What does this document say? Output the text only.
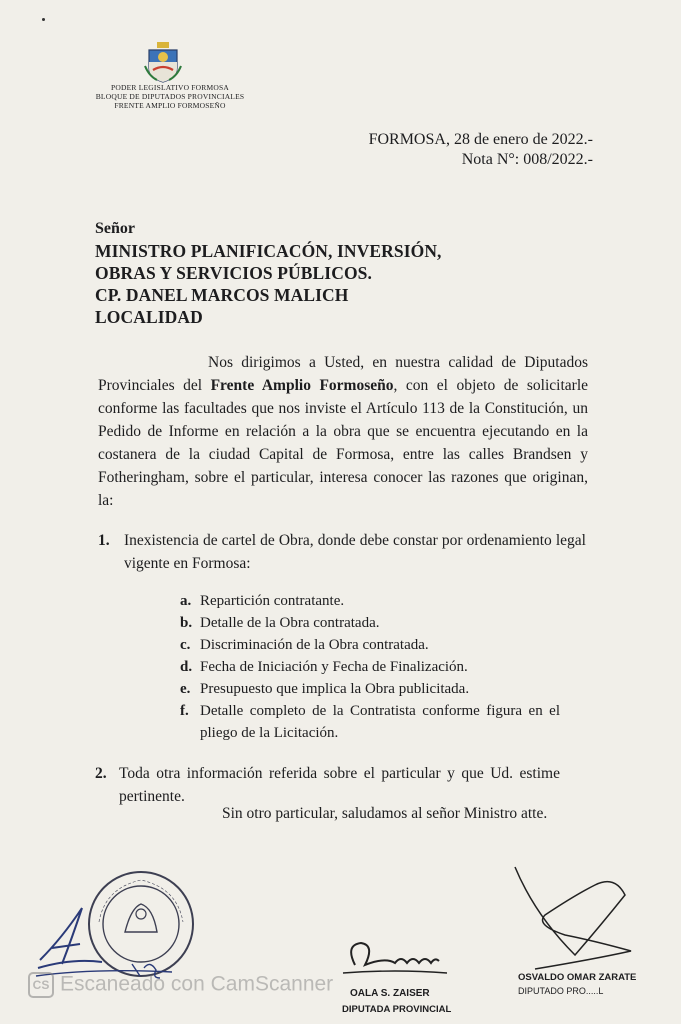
PODER LEGISLATIVO FORMOSA
BLOQUE DE DIPUTADOS PROVINCIALES
FRENTE AMPLIO FORMOSEÑO
FORMOSA, 28 de enero de 2022.-
Nota N°: 008/2022.-
Señor
MINISTRO PLANIFICACÓN, INVERSIÓN,
OBRAS Y SERVICIOS PÚBLICOS.
CP. DANEL MARCOS MALICH
LOCALIDAD
Nos dirigimos a Usted, en nuestra calidad de Diputados Provinciales del Frente Amplio Formoseño, con el objeto de solicitarle conforme las facultades que nos inviste el Artículo 113 de la Constitución, un Pedido de Informe en relación a la obra que se encuentra ejecutando en la costanera de la ciudad Capital de Formosa, entre las calles Brandsen y Fotheringham, sobre el particular, interesa conocer las razones que originan, la:
1. Inexistencia de cartel de Obra, donde debe constar por ordenamiento legal vigente en Formosa:
a. Repartición contratante.
b. Detalle de la Obra contratada.
c. Discriminación de la Obra contratada.
d. Fecha de Iniciación y Fecha de Finalización.
e. Presupuesto que implica la Obra publicitada.
f. Detalle completo de la Contratista conforme figura en el pliego de la Licitación.
2. Toda otra información referida sobre el particular y que Ud. estime pertinente.
Sin otro particular, saludamos al señor Ministro atte.
OALA S. ZAISER
DIPUTADA PROVINCIAL
OSVALDO OMAR ZARATE
DIPUTADO PRO.....L
CS Escaneado con CamScanner
